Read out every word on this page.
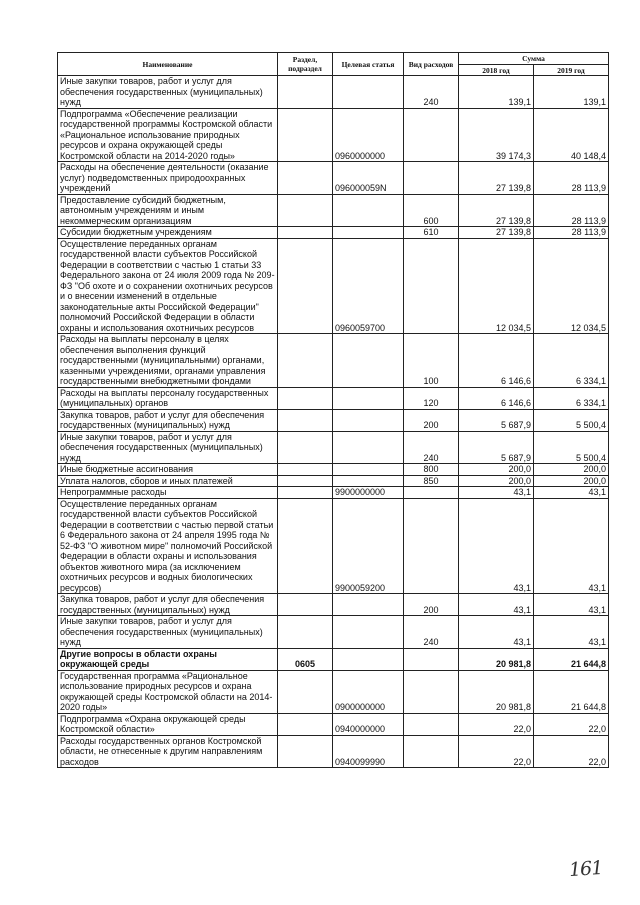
Наименование	Раздел, подраздел	Целевая статья	Вид расходов	Сумма	
				2018 год	2019 год
Иные закупки товаров, работ и услуг для обеспечения государственных (муниципальных) нужд			240	139,1	139,1
Подпрограмма «Обеспечение реализации государственной программы Костромской области «Рациональное использование природных ресурсов и охрана окружающей среды Костромской области на 2014-2020 годы»		0960000000		39 174,3	40 148,4
Расходы на обеспечение деятельности (оказание услуг) подведомственных природоохранных учреждений		096000059N		27 139,8	28 113,9
Предоставление субсидий бюджетным, автономным учреждениям и иным некоммерческим организациям			600	27 139,8	28 113,9
Субсидии бюджетным учреждениям			610	27 139,8	28 113,9
Осуществление переданных органам государственной власти субъектов Российской Федерации в соответствии с частью 1 статьи 33 Федерального закона от 24 июля 2009 года № 209-ФЗ "Об охоте и о сохранении охотничьих ресурсов и о внесении изменений в отдельные законодательные акты Российской Федерации" полномочий Российской Федерации в области охраны и использования охотничьих ресурсов		0960059700		12 034,5	12 034,5
Расходы на выплаты персоналу в целях обеспечения выполнения функций государственными (муниципальными) органами, казенными учреждениями, органами управления государственными внебюджетными фондами			100	6 146,6	6 334,1
Расходы на выплаты персоналу государственных (муниципальных) органов			120	6 146,6	6 334,1
Закупка товаров, работ и услуг для обеспечения государственных (муниципальных) нужд			200	5 687,9	5 500,4
Иные закупки товаров, работ и услуг для обеспечения государственных (муниципальных) нужд			240	5 687,9	5 500,4
Иные бюджетные ассигнования			800	200,0	200,0
Уплата налогов, сборов и иных платежей			850	200,0	200,0
Непрограммные расходы		9900000000		43,1	43,1
Осуществление переданных органам государственной власти субъектов Российской Федерации в соответствии с частью первой статьи 6 Федерального закона от 24 апреля 1995 года № 52-ФЗ "О животном мире" полномочий Российской Федерации в области охраны и использования объектов животного мира (за исключением охотничьих ресурсов и водных биологических ресурсов)		9900059200		43,1	43,1
Закупка товаров, работ и услуг для обеспечения государственных (муниципальных) нужд			200	43,1	43,1
Иные закупки товаров, работ и услуг для обеспечения государственных (муниципальных) нужд			240	43,1	43,1
Другие вопросы в области охраны окружающей среды	0605			20 981,8	21 644,8
Государственная программа «Рациональное использование природных ресурсов и охрана окружающей среды Костромской области на 2014-2020 годы»		0900000000		20 981,8	21 644,8
Подпрограмма «Охрана окружающей среды Костромской области»		0940000000		22,0	22,0
Расходы государственных органов Костромской области, не отнесенные к другим направлениям расходов		0940099990		22,0	22,0
161
